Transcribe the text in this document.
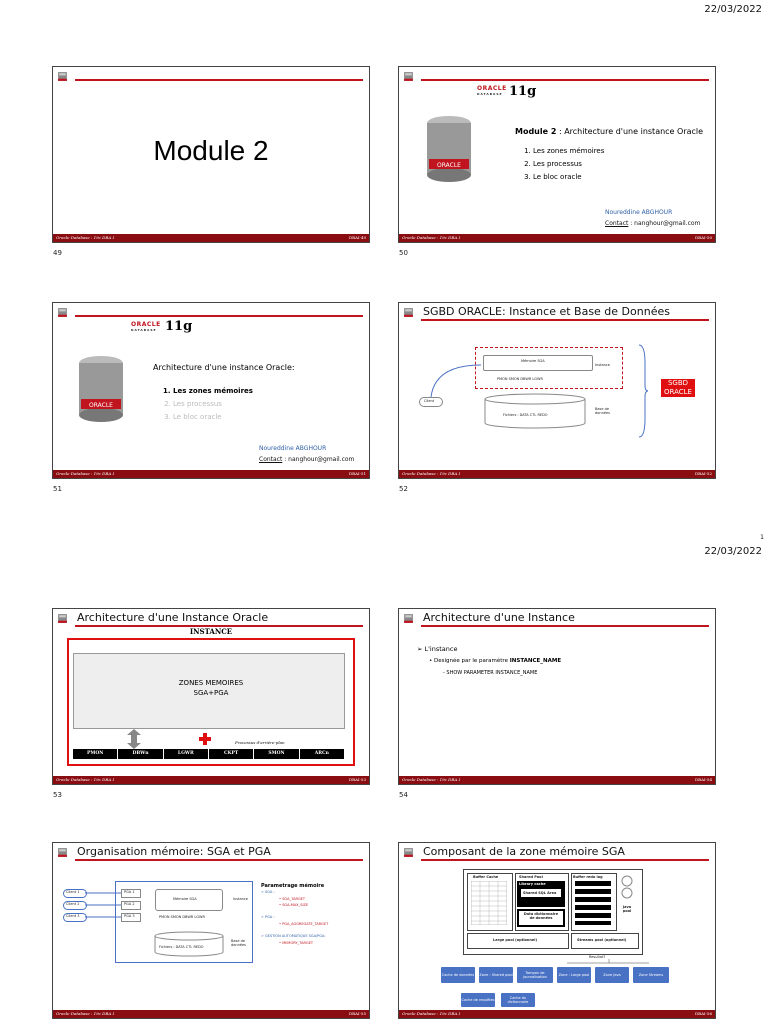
22/03/2022
22/03/2022
1
Module 2
Oracle Database : 19c DBA I	DBAI-49
49
ORACLE
DATABASE 11g
ORACLE
Module 2 : Architecture d'une instance Oracle
1. Les zones mémoires
2. Les processus
3. Le bloc oracle
Noureddine ABGHOUR
Contact : nanghour@gmail.com
Oracle Database : 19c DBA I	DBAI-50
50
ORACLE
DATABASE 11g
ORACLE
Architecture d'une instance Oracle:
1. Les zones mémoires
2. Les processus
3. Le bloc oracle
Noureddine ABGHOUR
Contact : nanghour@gmail.com
Oracle Database : 19c DBA I	DBAI-51
51
SGBD ORACLE: Instance et Base de Données
Mémoire SGA
PMON SMON DBWR LGWR
Instance
Fichiers : DATA CTL REDO
Base de données
Client
SGBD ORACLE
Oracle Database : 19c DBA I	DBAI-52
52
Architecture d'une Instance Oracle
INSTANCE
ZONES MEMOIRES
SGA+PGA
Processus d'arrière-plan
PMON	DBWn	LGWR	CKPT	SMON	ARCn
Oracle Database : 19c DBA I	DBAI-53
53
Architecture d'une Instance
➢ L'instance
• Designée par le paramètre INSTANCE_NAME
- SHOW PARAMETER INSTANCE_NAME
Oracle Database : 19c DBA I	DBAI-54
54
Organisation mémoire: SGA et PGA
Client 1
Client 2
Client 3
PGA 1
PGA 2
PGA 3
Mémoire SGA
PMON SMON DBWR LGWR
Instance
Fichiers : DATA CTL REDO
Base de données
Parametrage mémoire
➢ SGA :
• SGA_TARGET
• SGA-MAX_SIZE
➢ PGA :
• PGA_AGGREGATE_TARGET
➢ GESTION AUTOMATIQUE SGA/PGA:
• MEMORY_TARGET
Oracle Database : 19c DBA I	DBAI-55
Composant de la zone mémoire SGA
Buffer Cache	Shared Pool
Library cache
Shared SQL Area
Data dictionnaire de données
Buffer redo log
Java pool
Large pool (optionnel)	Streams pool (optionnel)
Resultat?
Cache de données Zone : Shared pool	Tampon de journalisation	Zone : Large pool	Zone Java	Zone Streams
Cache de requêtes	Cache du dictionnaire
Oracle Database : 19c DBA I	DBAI-56
